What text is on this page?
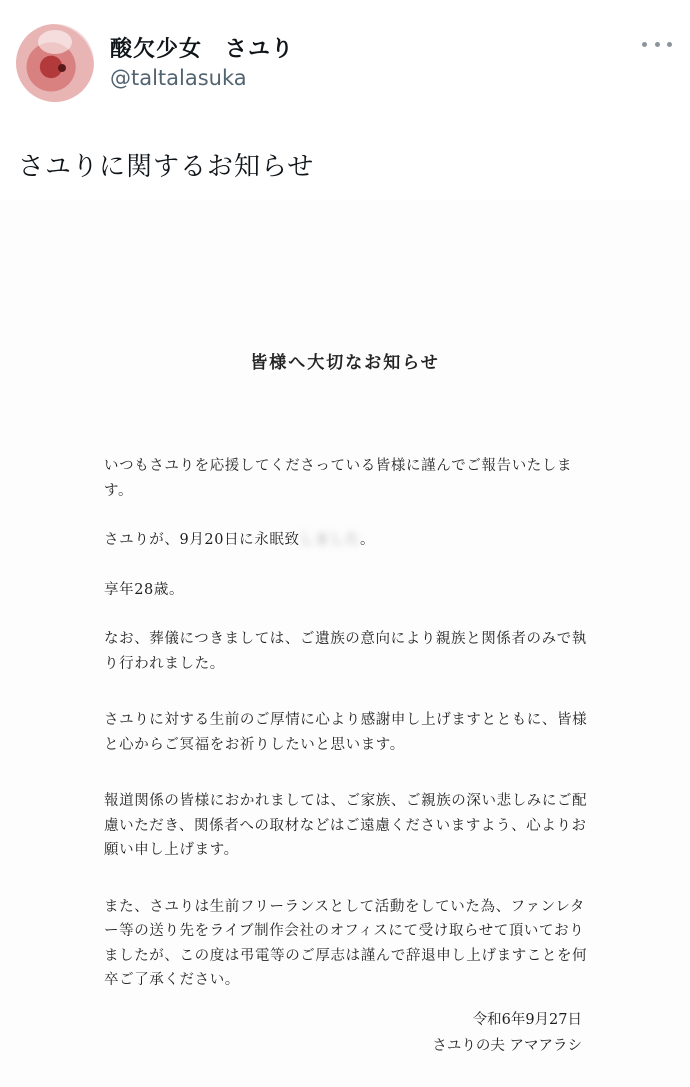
酸欠少女　さユり
@taltalasuka
さユりに関するお知らせ
皆様へ大切なお知らせ

いつもさユりを応援してくださっている皆様に謹んでご報告いたします。

さユりが、9月20日に永眠致しました。

享年28歳。

なお、葬儀につきましては、ご遺族の意向により親族と関係者のみで執り行われました。

さユりに対する生前のご厚情に心より感謝申し上げますとともに、皆様と心からご冥福をお祈りしたいと思います。

報道関係の皆様におかれましては、ご家族、ご親族の深い悲しみにご配慮いただき、関係者への取材などはご遠慮くださいますよう、心よりお願い申し上げます。

また、さユりは生前フリーランスとして活動をしていた為、ファンレター等の送り先をライブ制作会社のオフィスにて受け取らせて頂いておりましたが、この度は弔電等のご厚志は謹んで辞退申し上げますことを何卒ご了承ください。

令和6年9月27日
さユりの夫 アマアラシ
